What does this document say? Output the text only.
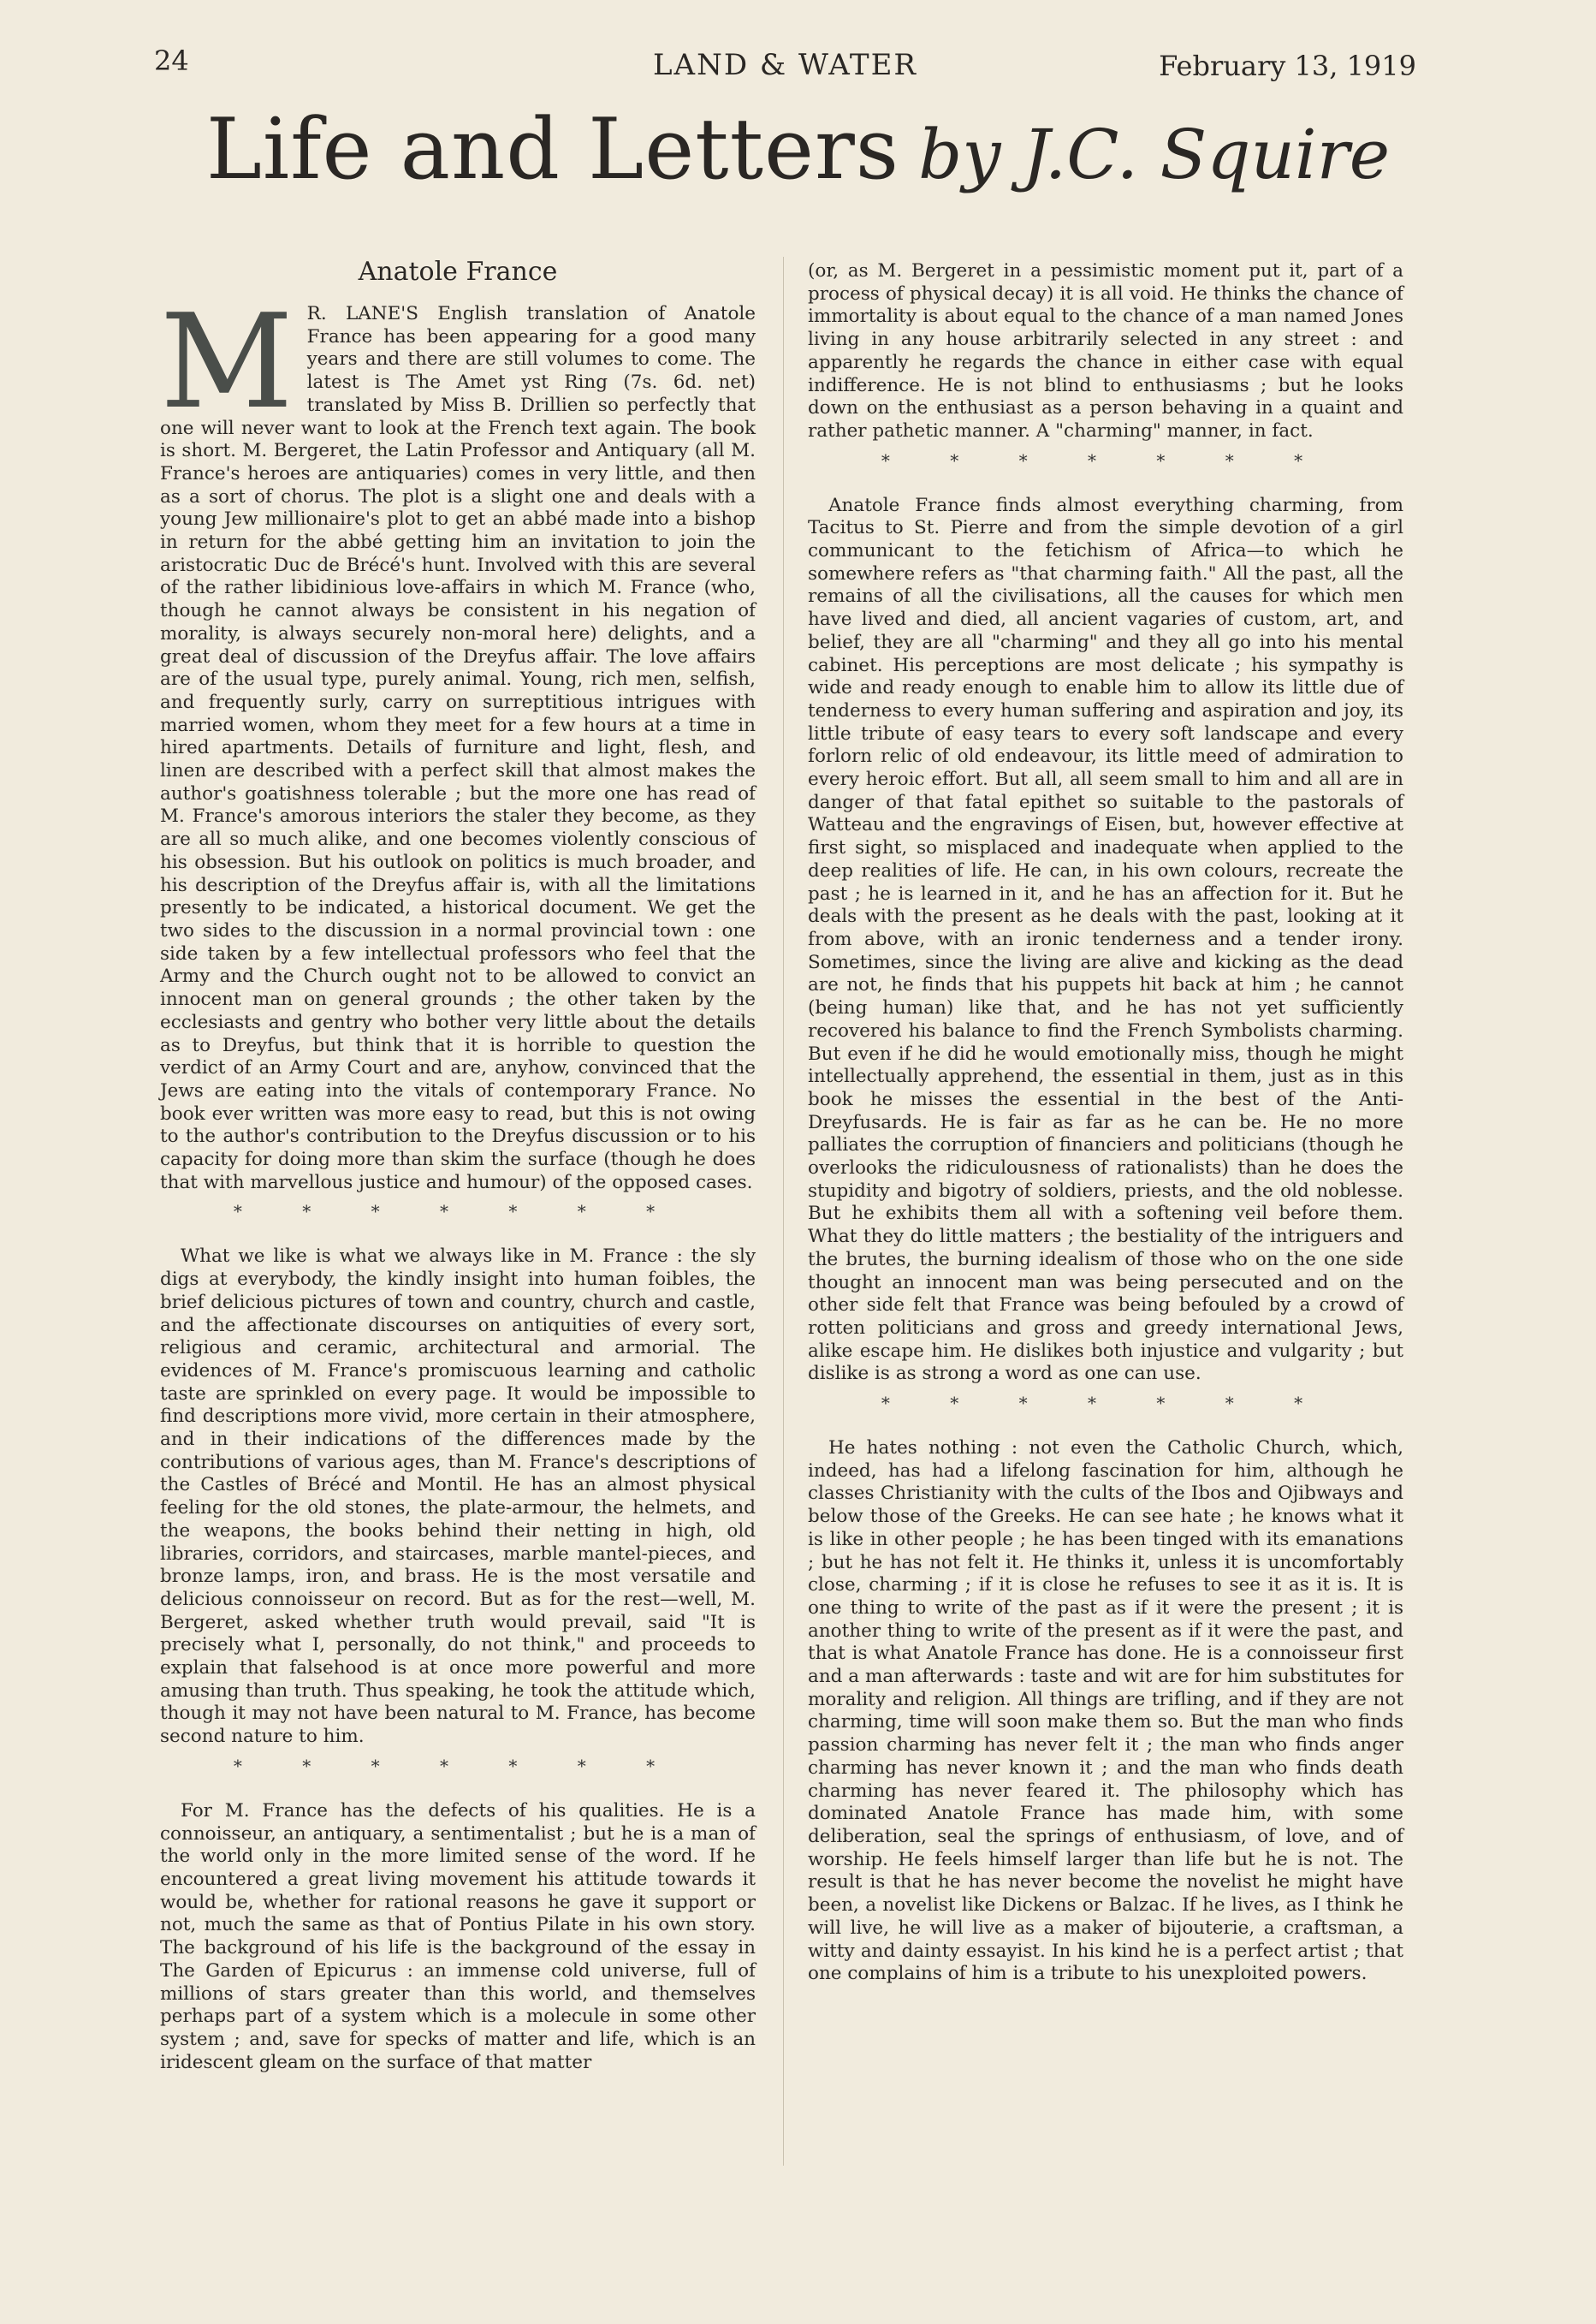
24	LAND & WATER	February 13, 1919
Life and Letters by J.C. Squire
Anatole France

M R. LANE'S English translation of Anatole France has been appearing for a good many years and there are still volumes to come. The latest is The Amet yst Ring (7s. 6d. net) translated by Miss B. Drillien so perfectly that one will never want to look at the French text again. The book is short. M. Bergeret, the Latin Professor and Antiquary (all M. France's heroes are antiquaries) comes in very little, and then as a sort of chorus. The plot is a slight one and deals with a young Jew millionaire's plot to get an abbé made into a bishop in return for the abbé getting him an invitation to join the aristocratic Duc de Brécé's hunt. Involved with this are several of the rather libidinious love-affairs in which M. France (who, though he cannot always be consistent in his negation of morality, is always securely non-moral here) delights, and a great deal of discussion of the Dreyfus affair. The love affairs are of the usual type, purely animal. Young, rich men, selfish, and frequently surly, carry on surreptitious intrigues with married women, whom they meet for a few hours at a time in hired apartments. Details of furniture and light, flesh, and linen are described with a perfect skill that almost makes the author's goatishness tolerable ; but the more one has read of M. France's amorous interiors the staler they become, as they are all so much alike, and one becomes violently conscious of his obsession. But his outlook on politics is much broader, and his description of the Dreyfus affair is, with all the limitations presently to be indicated, a historical document. We get the two sides to the discussion in a normal provincial town : one side taken by a few intellectual professors who feel that the Army and the Church ought not to be allowed to convict an innocent man on general grounds ; the other taken by the ecclesiasts and gentry who bother very little about the details as to Dreyfus, but think that it is horrible to question the verdict of an Army Court and are, anyhow, convinced that the Jews are eating into the vitals of contemporary France. No book ever written was more easy to read, but this is not owing to the author's contribution to the Dreyfus discussion or to his capacity for doing more than skim the surface (though he does that with marvellous justice and humour) of the opposed cases.

* * * * * * *

What we like is what we always like in M. France : the sly digs at everybody, the kindly insight into human foibles, the brief delicious pictures of town and country, church and castle, and the affectionate discourses on antiquities of every sort, religious and ceramic, architectural and armorial. The evidences of M. France's promiscuous learning and catholic taste are sprinkled on every page. It would be impossible to find descriptions more vivid, more certain in their atmosphere, and in their indications of the differences made by the contributions of various ages, than M. France's descriptions of the Castles of Brécé and Montil. He has an almost physical feeling for the old stones, the plate-armour, the helmets, and the weapons, the books behind their netting in high, old libraries, corridors, and staircases, marble mantel-pieces, and bronze lamps, iron, and brass. He is the most versatile and delicious connoisseur on record. But as for the rest—well, M. Bergeret, asked whether truth would prevail, said "It is precisely what I, personally, do not think," and proceeds to explain that falsehood is at once more powerful and more amusing than truth. Thus speaking, he took the attitude which, though it may not have been natural to M. France, has become second nature to him.

* * * * * * *

For M. France has the defects of his qualities. He is a connoisseur, an antiquary, a sentimentalist ; but he is a man of the world only in the more limited sense of the word. If he encountered a great living movement his attitude towards it would be, whether for rational reasons he gave it support or not, much the same as that of Pontius Pilate in his own story. The background of his life is the background of the essay in The Garden of Epicurus : an immense cold universe, full of millions of stars greater than this world, and themselves perhaps part of a system which is a molecule in some other system ; and, save for specks of matter and life, which is an iridescent gleam on the surface of that matter

(or, as M. Bergeret in a pessimistic moment put it, part of a process of physical decay) it is all void. He thinks the chance of immortality is about equal to the chance of a man named Jones living in any house arbitrarily selected in any street : and apparently he regards the chance in either case with equal indifference. He is not blind to enthusiasms ; but he looks down on the enthusiast as a person behaving in a quaint and rather pathetic manner. A "charming" manner, in fact.

* * * * * * *

Anatole France finds almost everything charming, from Tacitus to St. Pierre and from the simple devotion of a girl communicant to the fetichism of Africa—to which he somewhere refers as "that charming faith." All the past, all the remains of all the civilisations, all the causes for which men have lived and died, all ancient vagaries of custom, art, and belief, they are all "charming" and they all go into his mental cabinet. His perceptions are most delicate ; his sympathy is wide and ready enough to enable him to allow its little due of tenderness to every human suffering and aspiration and joy, its little tribute of easy tears to every soft landscape and every forlorn relic of old endeavour, its little meed of admiration to every heroic effort. But all, all seem small to him and all are in danger of that fatal epithet so suitable to the pastorals of Watteau and the engravings of Eisen, but, however effective at first sight, so misplaced and inadequate when applied to the deep realities of life. He can, in his own colours, recreate the past ; he is learned in it, and he has an affection for it. But he deals with the present as he deals with the past, looking at it from above, with an ironic tenderness and a tender irony. Sometimes, since the living are alive and kicking as the dead are not, he finds that his puppets hit back at him ; he cannot (being human) like that, and he has not yet sufficiently recovered his balance to find the French Symbolists charming. But even if he did he would emotionally miss, though he might intellectually apprehend, the essential in them, just as in this book he misses the essential in the best of the Anti-Dreyfusards. He is fair as far as he can be. He no more palliates the corruption of financiers and politicians (though he overlooks the ridiculousness of rationalists) than he does the stupidity and bigotry of soldiers, priests, and the old noblesse. But he exhibits them all with a softening veil before them. What they do little matters ; the bestiality of the intriguers and the brutes, the burning idealism of those who on the one side thought an innocent man was being persecuted and on the other side felt that France was being befouled by a crowd of rotten politicians and gross and greedy international Jews, alike escape him. He dislikes both injustice and vulgarity ; but dislike is as strong a word as one can use.

* * * * * * *

He hates nothing : not even the Catholic Church, which, indeed, has had a lifelong fascination for him, although he classes Christianity with the cults of the Ibos and Ojibways and below those of the Greeks. He can see hate ; he knows what it is like in other people ; he has been tinged with its emanations ; but he has not felt it. He thinks it, unless it is uncomfortably close, charming ; if it is close he refuses to see it as it is. It is one thing to write of the past as if it were the present ; it is another thing to write of the present as if it were the past, and that is what Anatole France has done. He is a connoisseur first and a man afterwards : taste and wit are for him substitutes for morality and religion. All things are trifling, and if they are not charming, time will soon make them so. But the man who finds passion charming has never felt it ; the man who finds anger charming has never known it ; and the man who finds death charming has never feared it. The philosophy which has dominated Anatole France has made him, with some deliberation, seal the springs of enthusiasm, of love, and of worship. He feels himself larger than life but he is not. The result is that he has never become the novelist he might have been, a novelist like Dickens or Balzac. If he lives, as I think he will live, he will live as a maker of bijouterie, a craftsman, a witty and dainty essayist. In his kind he is a perfect artist ; that one complains of him is a tribute to his unexploited powers.
